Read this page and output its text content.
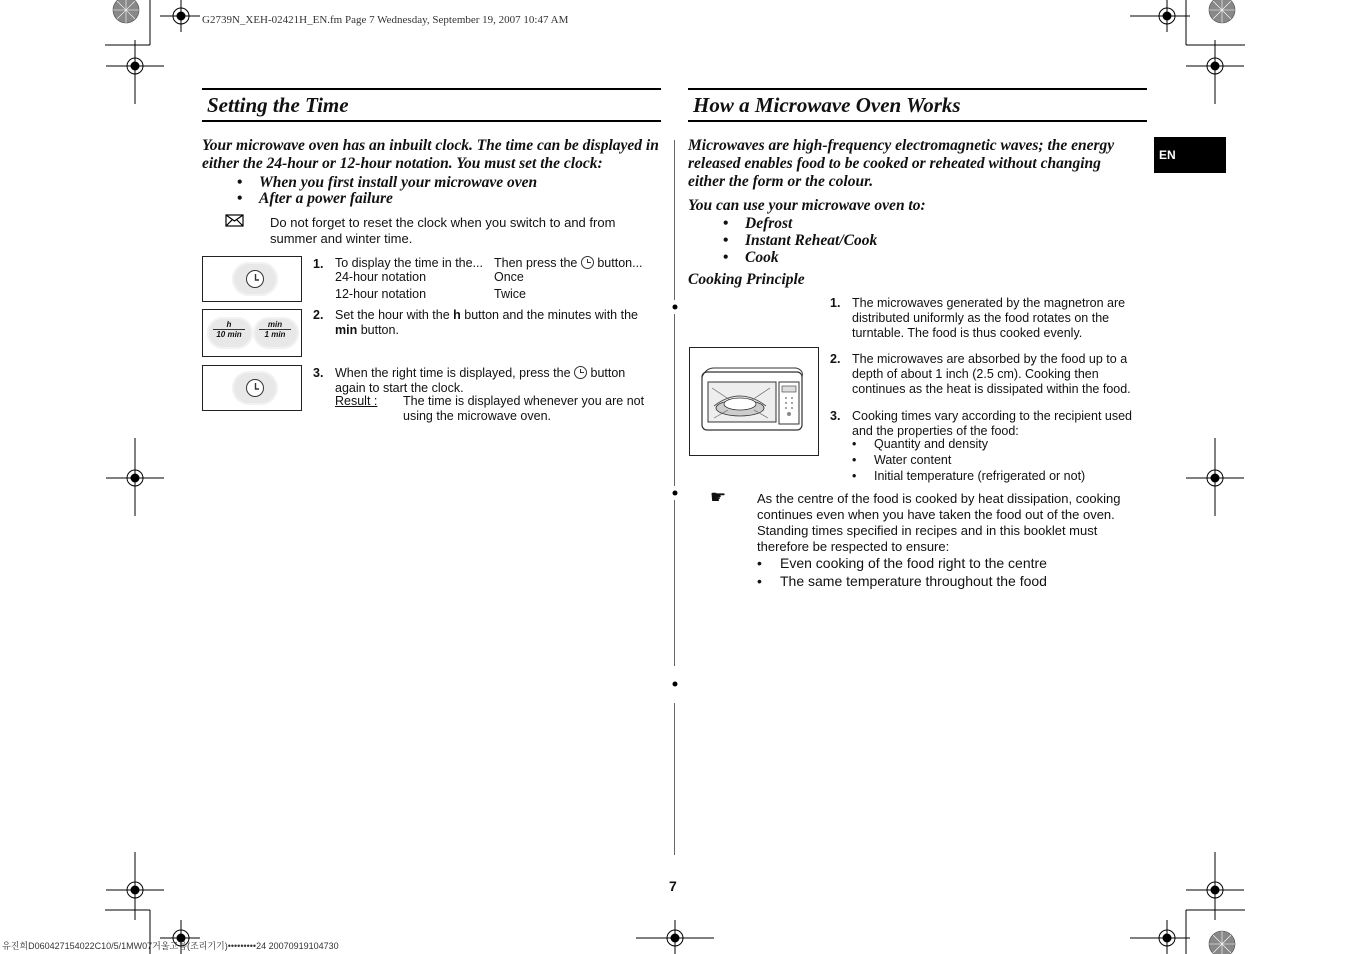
G2739N_XEH-02421H_EN.fm Page 7 Wednesday, September 19, 2007 10:47 AM
유진희D060427154022C10/5/1MW07거울고름(조리기기)•••••••••24 20070919104730
EN
7
Setting the Time
Your microwave oven has an inbuilt clock. The time can be displayed in either the 24-hour or 12-hour notation. You must set the clock:
• When you first install your microwave oven
• After a power failure
Do not forget to reset the clock when you switch to and from summer and winter time.
1. To display the time in the... Then press the button...
24-hour notation	Once
12-hour notation	Twice
h
10 min
min
1 min
2. Set the hour with the h button and the minutes with the min button.
3. When the right time is displayed, press the button again to start the clock.
Result : The time is displayed whenever you are not using the microwave oven.
How a Microwave Oven Works
Microwaves are high-frequency electromagnetic waves; the energy released enables food to be cooked or reheated without changing either the form or the colour.
You can use your microwave oven to:
• Defrost
• Instant Reheat/Cook
• Cook
Cooking Principle
1. The microwaves generated by the magnetron are distributed uniformly as the food rotates on the turntable. The food is thus cooked evenly.
2. The microwaves are absorbed by the food up to a depth of about 1 inch (2.5 cm). Cooking then continues as the heat is dissipated within the food.
3. Cooking times vary according to the recipient used and the properties of the food:
• Quantity and density
• Water content
• Initial temperature (refrigerated or not)
☛ As the centre of the food is cooked by heat dissipation, cooking continues even when you have taken the food out of the oven. Standing times specified in recipes and in this booklet must therefore be respected to ensure:
• Even cooking of the food right to the centre
• The same temperature throughout the food
